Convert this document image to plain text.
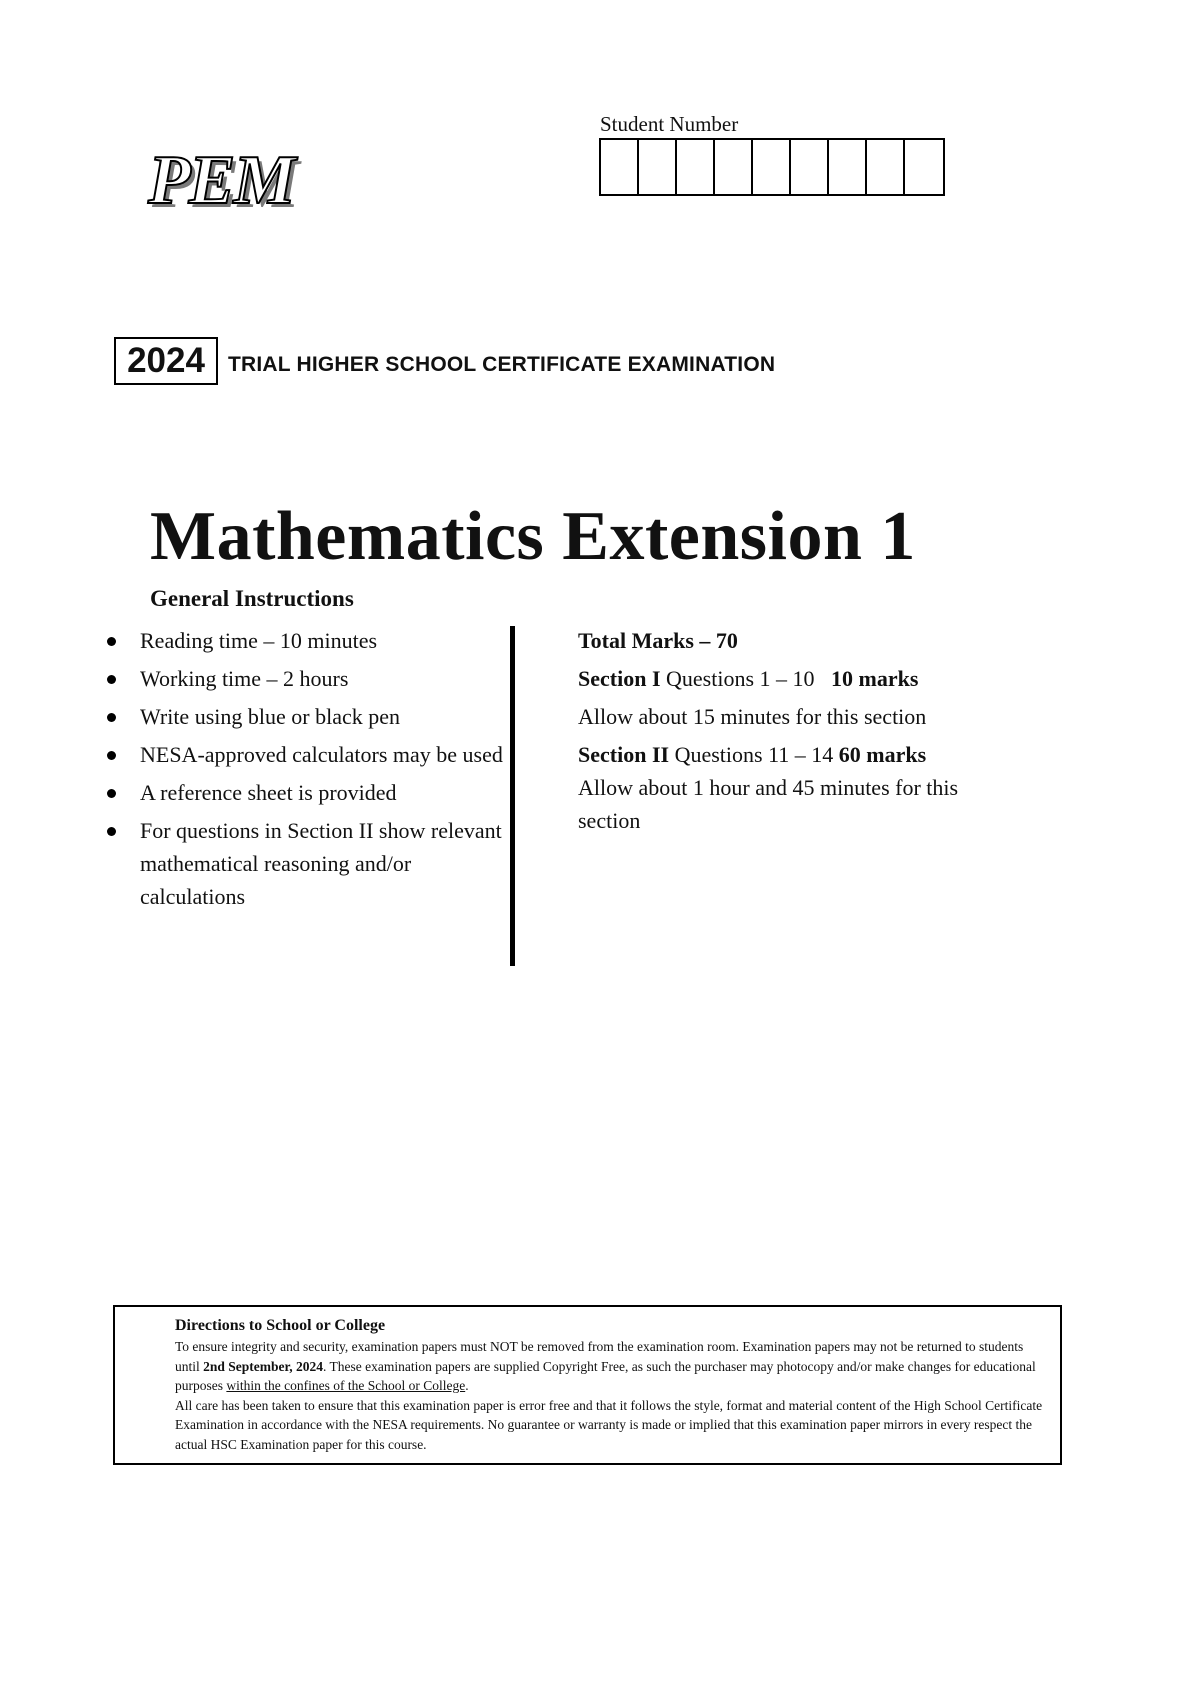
PEM
Student Number
2024	TRIAL HIGHER SCHOOL CERTIFICATE EXAMINATION
Mathematics Extension 1
General Instructions
Reading time – 10 minutes
Working time – 2 hours
Write using blue or black pen
NESA-approved calculators may be used
A reference sheet is provided
For questions in Section II show relevant mathematical reasoning and/or calculations
Total Marks – 70
Section I Questions 1 – 10 10 marks
Allow about 15 minutes for this section
Section II Questions 11 – 14 60 marks
Allow about 1 hour and 45 minutes for this section
Directions to School or College
To ensure integrity and security, examination papers must NOT be removed from the examination room. Examination papers may not be returned to students until 2nd September, 2024. These examination papers are supplied Copyright Free, as such the purchaser may photocopy and/or make changes for educational purposes within the confines of the School or College.
All care has been taken to ensure that this examination paper is error free and that it follows the style, format and material content of the High School Certificate Examination in accordance with the NESA requirements. No guarantee or warranty is made or implied that this examination paper mirrors in every respect the actual HSC Examination paper for this course.
